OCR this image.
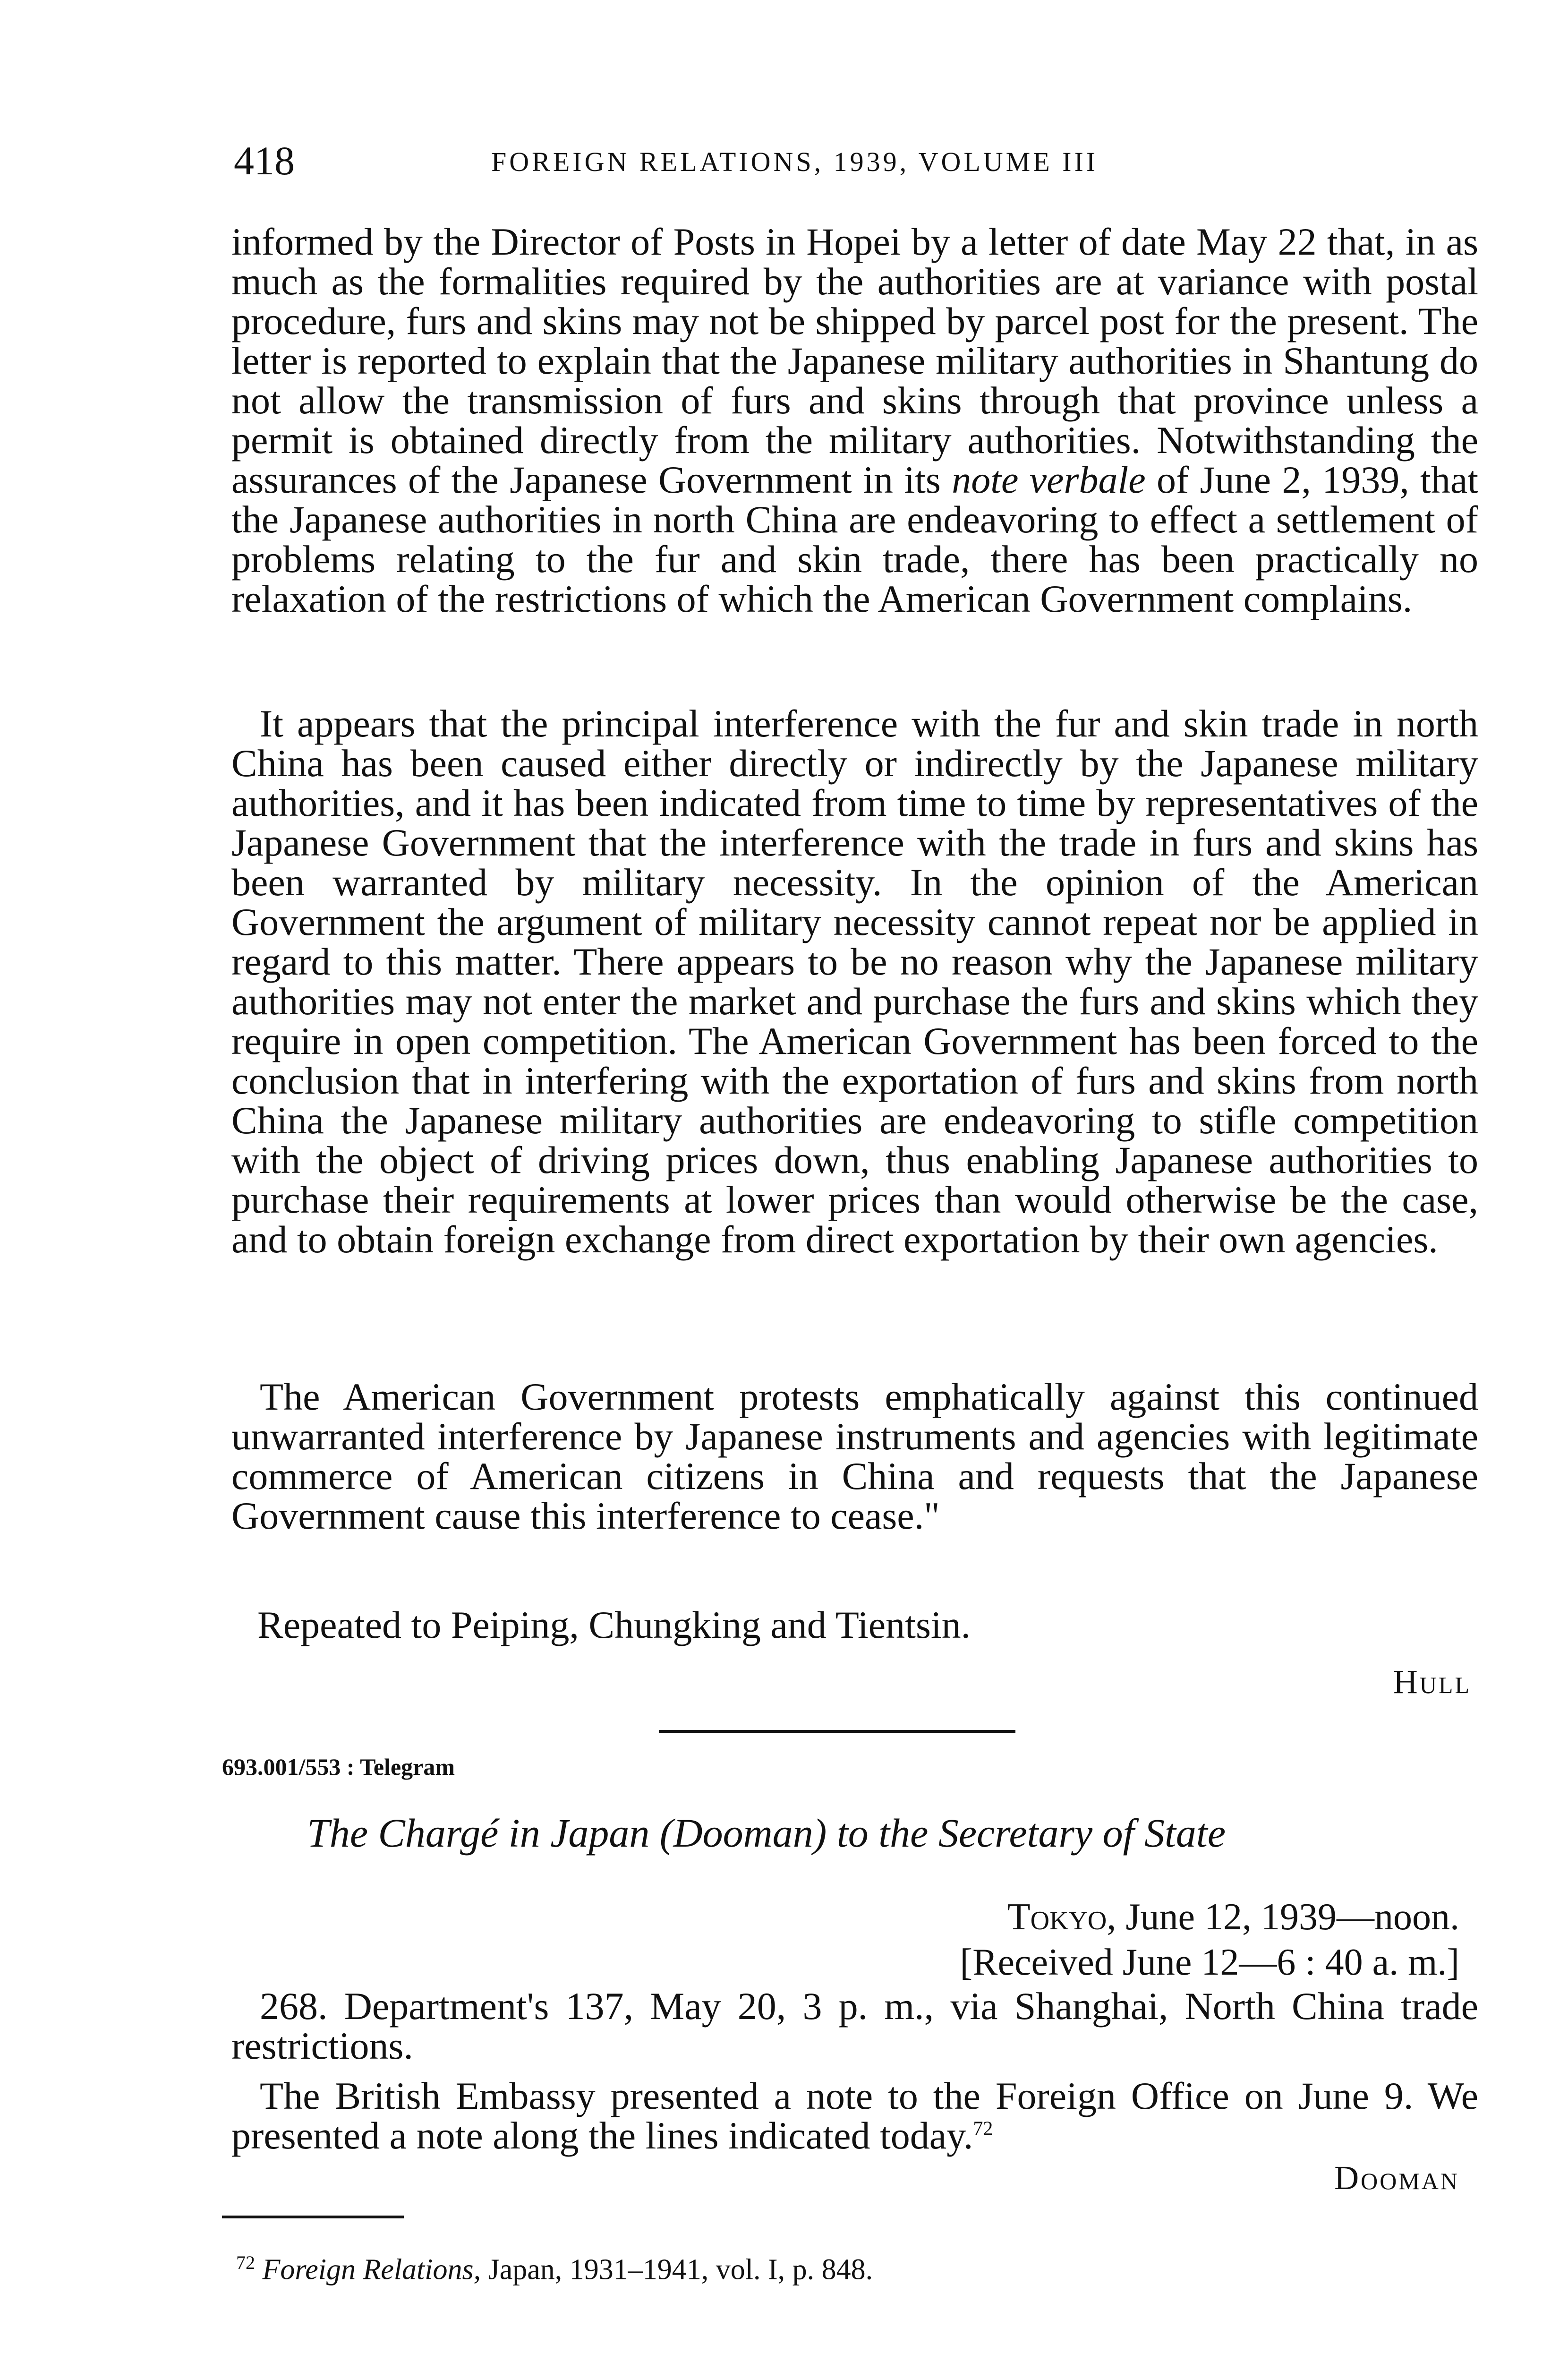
418	FOREIGN RELATIONS, 1939, VOLUME III

informed by the Director of Posts in Hopei by a letter of date May 22 that, in as much as the formalities required by the authorities are at variance with postal procedure, furs and skins may not be shipped by parcel post for the present. The letter is reported to explain that the Japanese military authorities in Shantung do not allow the transmission of furs and skins through that province unless a permit is obtained directly from the military authorities. Notwithstanding the assurances of the Japanese Government in its note verbale of June 2, 1939, that the Japanese authorities in north China are endeavoring to effect a settlement of problems relating to the fur and skin trade, there has been practically no relaxation of the restrictions of which the American Government complains.

It appears that the principal interference with the fur and skin trade in north China has been caused either directly or indirectly by the Japanese military authorities, and it has been indicated from time to time by representatives of the Japanese Government that the interference with the trade in furs and skins has been warranted by military necessity. In the opinion of the American Government the argument of military necessity cannot repeat nor be applied in regard to this matter. There appears to be no reason why the Japanese military authorities may not enter the market and purchase the furs and skins which they require in open competition. The American Government has been forced to the conclusion that in interfering with the exportation of furs and skins from north China the Japanese military authorities are endeavoring to stifle competition with the object of driving prices down, thus enabling Japanese authorities to purchase their requirements at lower prices than would otherwise be the case, and to obtain foreign exchange from direct exportation by their own agencies.

The American Government protests emphatically against this continued unwarranted interference by Japanese instruments and agencies with legitimate commerce of American citizens in China and requests that the Japanese Government cause this interference to cease."

Repeated to Peiping, Chungking and Tientsin.
Hull
693.001/553 : Telegram
The Chargé in Japan (Dooman) to the Secretary of State
Tokyo, June 12, 1939—noon.
[Received June 12—6 : 40 a. m.]

268. Department's 137, May 20, 3 p. m., via Shanghai, North China trade restrictions.

The British Embassy presented a note to the Foreign Office on June 9. We presented a note along the lines indicated today.$^{72}$

Dooman
$^{72}$ Foreign Relations, Japan, 1931–1941, vol. I, p. 848.
